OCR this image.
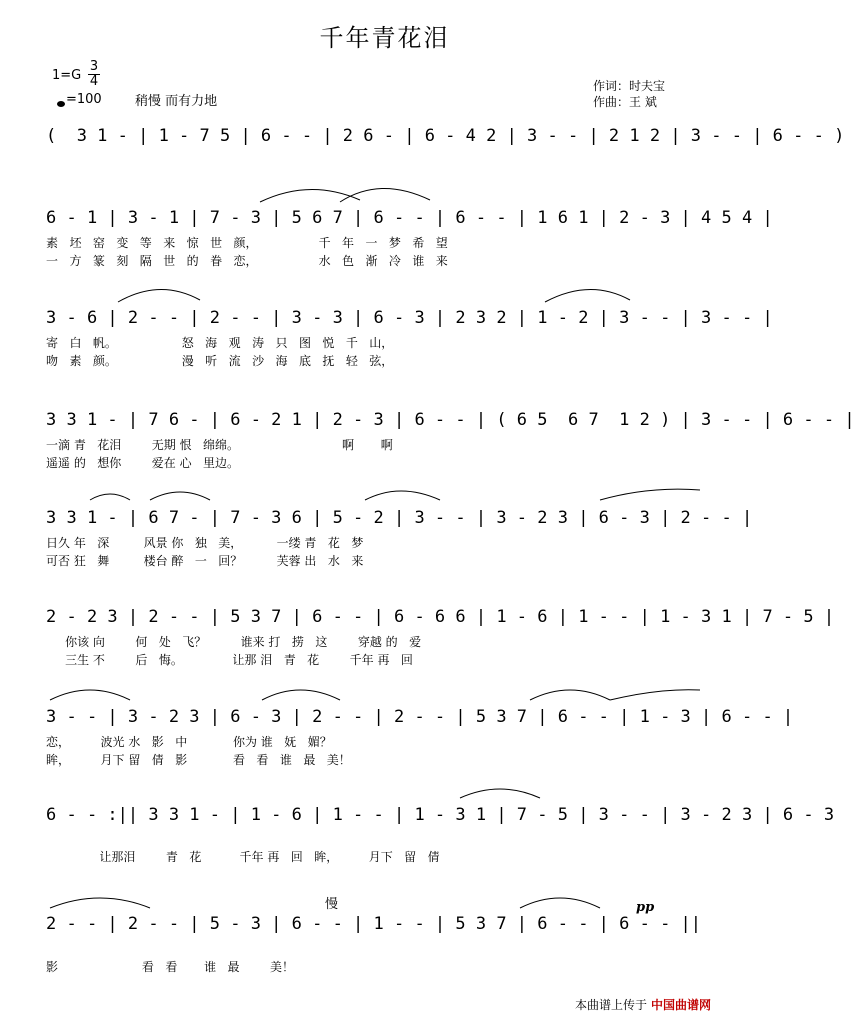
千年青花泪
1=G
3
4
=100	稍慢 而有力地
作词：时夫宝
作曲：王 斌
(  3 1 - | 1 - 7 5 | 6 - - | 2 6 - | 6 - 4 2 | 3 - - | 2 1 2 | 3 - - | 6 - - )
6 - 1 | 3 - 1 | 7 - 3 | 5 6 7 | 6 - - | 6 - - | 1 6 1 | 2 - 3 | 4 5 4 |
素   坯   窑   变   等   来   惊   世   颜，                千   年   一   梦   希   望
一   方   篆   刻   隔   世   的   眷   恋，                水   色   渐   冷   谁   来
3 - 6 | 2 - - | 2 - - | 3 - 3 | 6 - 3 | 2 3 2 | 1 - 2 | 3 - - | 3 - - |
寄   白   帆。                 怒   海   观   涛   只   图   悦   千   山，
吻   素   颜。                 漫   听   流   沙   海   底   抚   轻   弦，
3 3 1 - | 7 6 - | 6 - 2 1 | 2 - 3 | 6 - - | ( 6 5  6 7  1 2 ) | 3 - - | 6 - - |
一滴 青   花泪        无期 恨   绵绵。                           啊       啊
遥遥 的   想你        爱在 心   里边。
3 3 1 - | 6 7 - | 7 - 3 6 | 5 - 2 | 3 - - | 3 - 2 3 | 6 - 3 | 2 - - |
日久 年   深         风景 你   独   美，         一缕 青   花   梦
可否 狂   舞         楼台 醉   一   回？         芙蓉 出   水   来
2 - 2 3 | 2 - - | 5 3 7 | 6 - - | 6 - 6 6 | 1 - 6 | 1 - - | 1 - 3 1 | 7 - 5 |
你该 向        何   处   飞？         谁来 打   捞   这        穿越 的   爱
三生 不        后   悔。             让那 泪   青   花        千年 再   回
3 - - | 3 - 2 3 | 6 - 3 | 2 - - | 2 - - | 5 3 7 | 6 - - | 1 - 3 | 6 - - |
恋，        波光 水   影   中            你为 谁   妩   媚？
眸，        月下 留   倩   影            看   看   谁   最   美！
6 - - :|| 3 3 1 - | 1 - 6 | 1 - - | 1 - 3 1 | 7 - 5 | 3 - - | 3 - 2 3 | 6 - 3
让那泪        青   花          千年 再   回   眸，        月下   留   倩
慢	pp
2 - - | 2 - - | 5 - 3 | 6 - - | 1 - - | 5 3 7 | 6 - - | 6 - - ||
影                      看   看       谁   最        美！
本曲谱上传于 中国曲谱网
